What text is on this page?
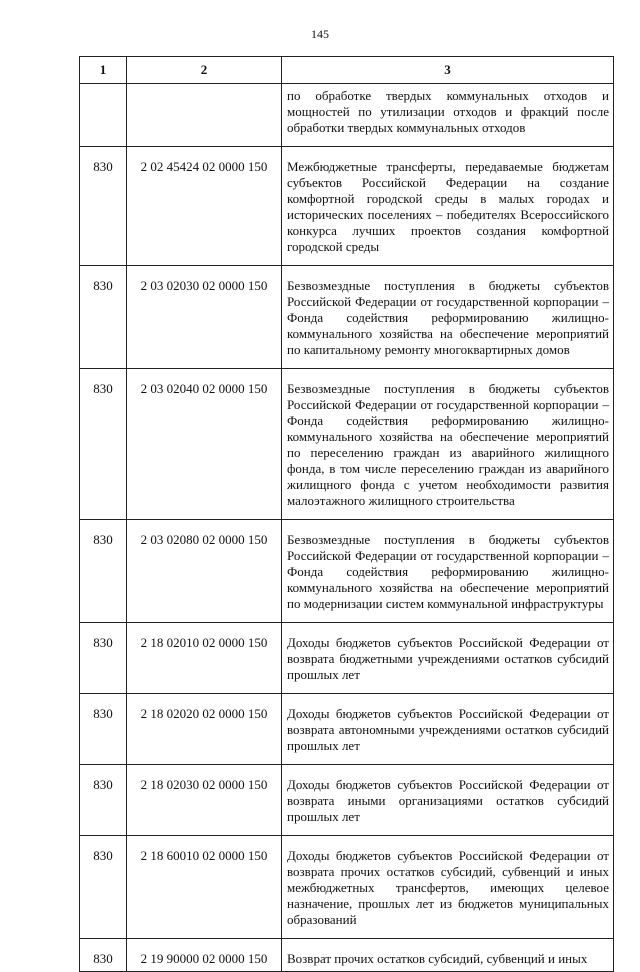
145
1	2	3
		по обработке твердых коммунальных отходов и мощностей по утилизации отходов и фракций после обработки твердых коммунальных отходов
830	2 02 45424 02 0000 150	Межбюджетные трансферты, передаваемые бюджетам субъектов Российской Федерации на создание комфортной городской среды в малых городах и исторических поселениях – победителях Всероссийского конкурса лучших проектов создания комфортной городской среды
830	2 03 02030 02 0000 150	Безвозмездные поступления в бюджеты субъектов Российской Федерации от государственной корпорации – Фонда содействия реформированию жилищно-коммунального хозяйства на обеспечение мероприятий по капитальному ремонту многоквартирных домов
830	2 03 02040 02 0000 150	Безвозмездные поступления в бюджеты субъектов Российской Федерации от государственной корпорации – Фонда содействия реформированию жилищно-коммунального хозяйства на обеспечение мероприятий по переселению граждан из аварийного жилищного фонда, в том числе переселению граждан из аварийного жилищного фонда с учетом необходимости развития малоэтажного жилищного строительства
830	2 03 02080 02 0000 150	Безвозмездные поступления в бюджеты субъектов Российской Федерации от государственной корпорации – Фонда содействия реформированию жилищно-коммунального хозяйства на обеспечение мероприятий по модернизации систем коммунальной инфраструктуры
830	2 18 02010 02 0000 150	Доходы бюджетов субъектов Российской Федерации от возврата бюджетными учреждениями остатков субсидий прошлых лет
830	2 18 02020 02 0000 150	Доходы бюджетов субъектов Российской Федерации от возврата автономными учреждениями остатков субсидий прошлых лет
830	2 18 02030 02 0000 150	Доходы бюджетов субъектов Российской Федерации от возврата иными организациями остатков субсидий прошлых лет
830	2 18 60010 02 0000 150	Доходы бюджетов субъектов Российской Федерации от возврата прочих остатков субсидий, субвенций и иных межбюджетных трансфертов, имеющих целевое назначение, прошлых лет из бюджетов муниципальных образований
830	2 19 90000 02 0000 150	Возврат прочих остатков субсидий, субвенций и иных
